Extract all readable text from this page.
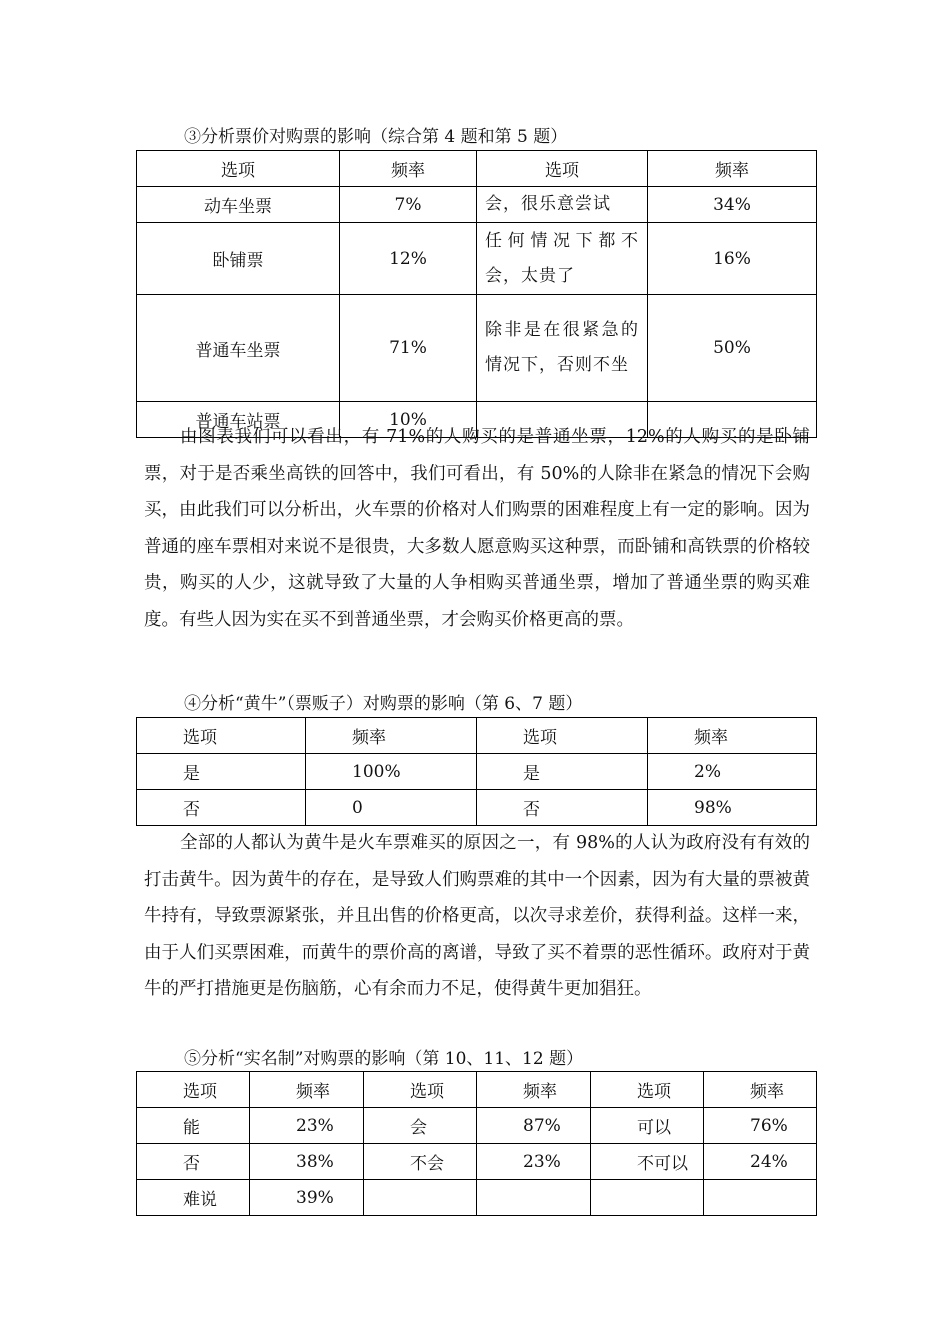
③分析票价对购票的影响（综合第 4 题和第 5 题）
选项	频率	选项	频率
动车坐票	7%	会，很乐意尝试	34%
卧铺票	12%	任何情况下都不会，太贵了	16%
普通车坐票	71%	除非是在很紧急的情况下，否则不坐	50%
普通车站票	10%		

由图表我们可以看出，有 71%的人购买的是普通坐票，12%的人购买的是卧铺票，对于是否乘坐高铁的回答中，我们可看出，有 50%的人除非在紧急的情况下会购买，由此我们可以分析出，火车票的价格对人们购票的困难程度上有一定的影响。因为普通的座车票相对来说不是很贵，大多数人愿意购买这种票，而卧铺和高铁票的价格较贵，购买的人少，这就导致了大量的人争相购买普通坐票，增加了普通坐票的购买难度。有些人因为实在买不到普通坐票，才会购买价格更高的票。

④分析“黄牛”（票贩子）对购票的影响（第 6、7 题）
选项	频率	选项	频率
是	100%	是	2%
否	0	否	98%

全部的人都认为黄牛是火车票难买的原因之一，有 98%的人认为政府没有有效的打击黄牛。因为黄牛的存在，是导致人们购票难的其中一个因素，因为有大量的票被黄牛持有，导致票源紧张，并且出售的价格更高，以次寻求差价，获得利益。这样一来，由于人们买票困难，而黄牛的票价高的离谱，导致了买不着票的恶性循环。政府对于黄牛的严打措施更是伤脑筋，心有余而力不足，使得黄牛更加猖狂。

⑤分析“实名制”对购票的影响（第 10、11、12 题）
选项	频率	选项	频率	选项	频率
能	23%	会	87%	可以	76%
否	38%	不会	23%	不可以	24%
难说	39%				
